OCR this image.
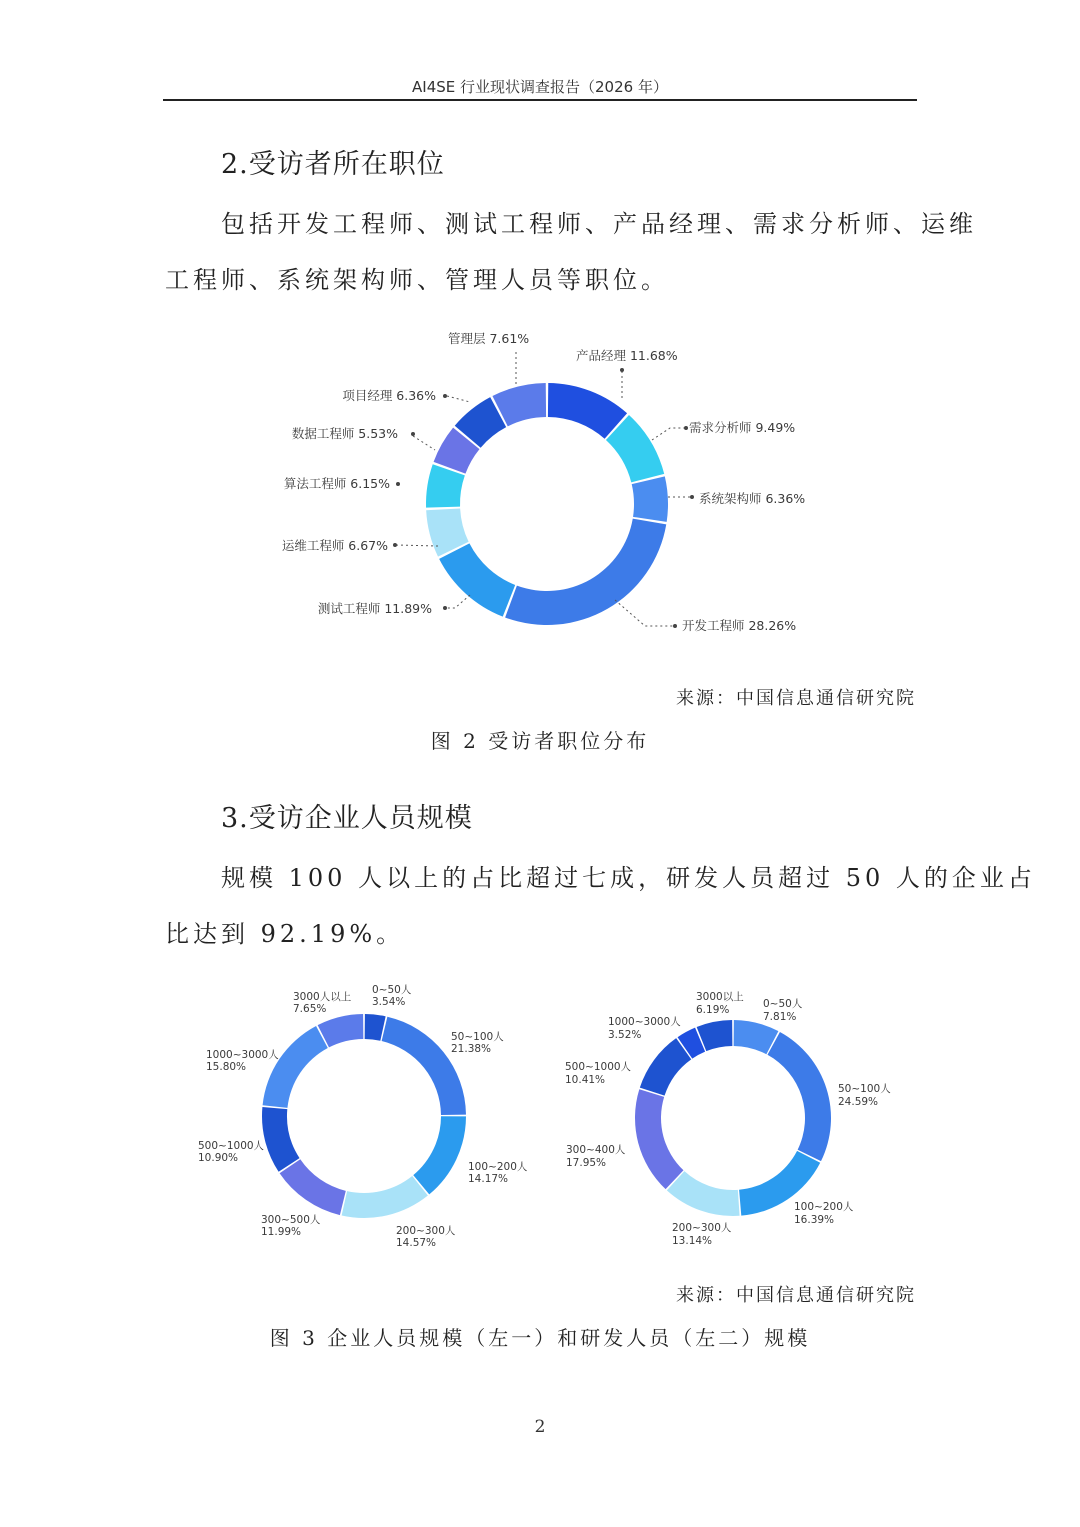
AI4SE 行业现状调查报告（2026 年）
2.受访者所在职位
包括开发工程师、测试工程师、产品经理、需求分析师、运维
工程师、系统架构师、管理人员等职位。
产品经理 11.68%
需求分析师 9.49%
系统架构师 6.36%
开发工程师 28.26%
测试工程师 11.89%
运维工程师 6.67%
算法工程师 6.15%
数据工程师 5.53%
项目经理 6.36%
管理层 7.61%
来源：中国信息通信研究院
图 2 受访者职位分布
3.受访企业人员规模
规模 100 人以上的占比超过七成，研发人员超过 50 人的企业占
比达到 92.19%。
0~50人
3.54%
50~100人
21.38%
100~200人
14.17%
200~300人
14.57%
300~500人
11.99%
500~1000人
10.90%
1000~3000人
15.80%
3000人以上
7.65%	0~50人
7.81%
50~100人
24.59%
100~200人
16.39%
200~300人
13.14%
300~400人
17.95%
500~1000人
10.41%
1000~3000人
3.52%
3000以上
6.19%
来源：中国信息通信研究院
图 3 企业人员规模（左一）和研发人员（左二）规模
2
